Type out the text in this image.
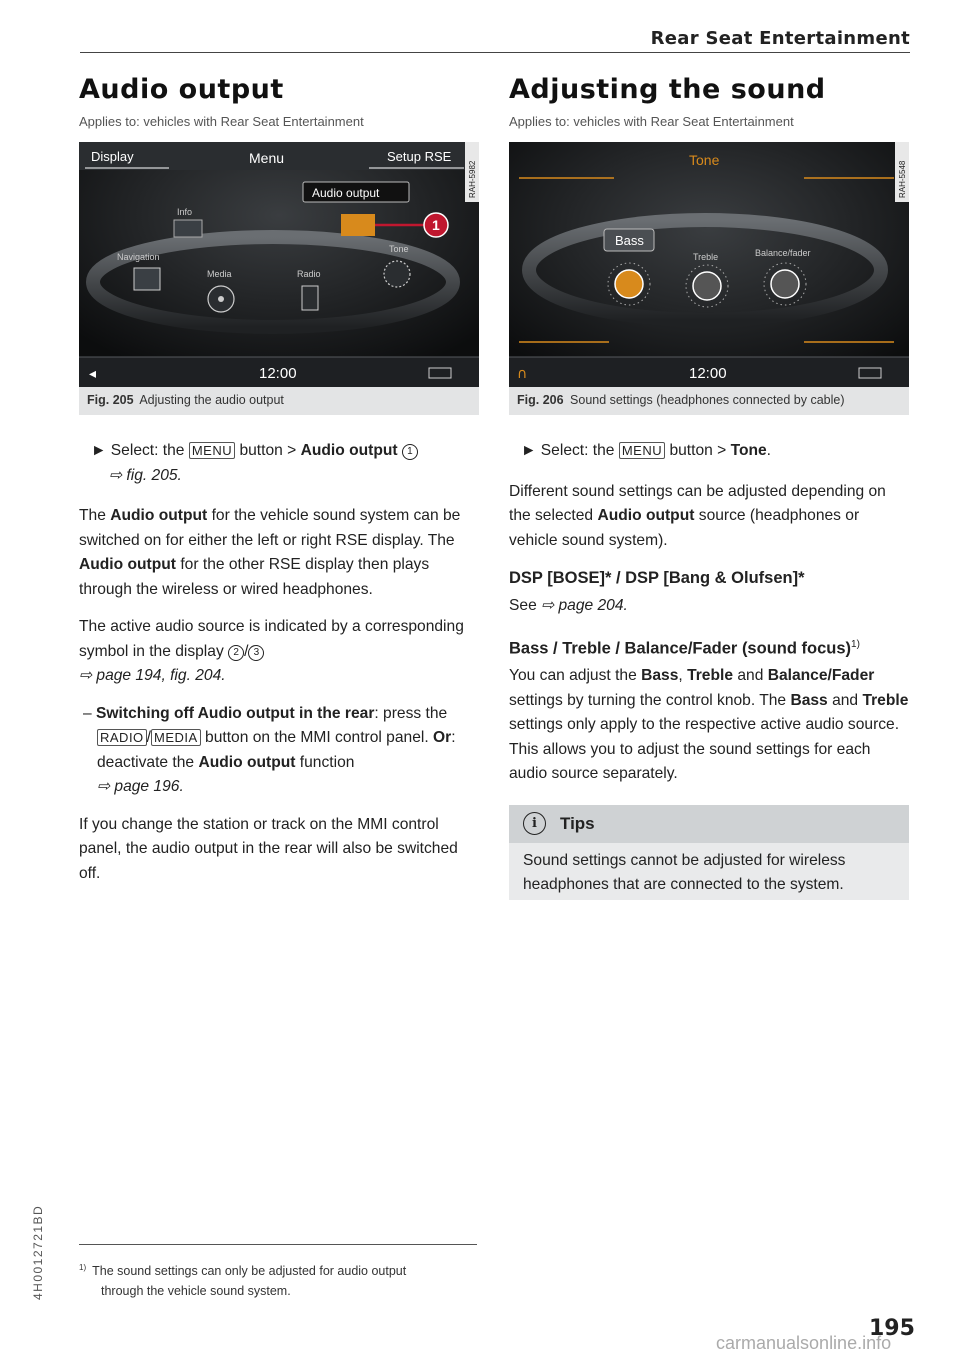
Rear Seat Entertainment
Audio output
Applies to: vehicles with Rear Seat Entertainment
Display	Menu	Setup RSE
RAH-5982
Audio output
Info
1
Navigation
Media	Radio
Tone
◂	12:00
Fig. 205 Adjusting the audio output

► Select: the MENU button > Audio output 1
⇨ fig. 205.

The Audio output for the vehicle sound system can be switched on for either the left or right RSE display. The Audio output for the other RSE display then plays through the wireless or wired headphones.

The active audio source is indicated by a corresponding symbol in the display 2 / 3
⇨ page 194, fig. 204.

– Switching off Audio output in the rear: press the RADIO / MEDIA button on the MMI control panel. Or: deactivate the Audio output function
⇨ page 196.

If you change the station or track on the MMI control panel, the audio output in the rear will also be switched off.

Adjusting the sound
Applies to: vehicles with Rear Seat Entertainment
Tone
RAH-5548
Bass
Treble	Balance/fader
∩	12:00
Fig. 206 Sound settings (headphones connected by cable)

► Select: the MENU button > Tone.

Different sound settings can be adjusted depending on the selected Audio output source (headphones or vehicle sound system).

DSP [BOSE]* / DSP [Bang & Olufsen]*

See ⇨ page 204.

Bass / Treble / Balance/Fader (sound focus)$^{1)}$

You can adjust the Bass, Treble and Balance/Fader settings by turning the control knob. The Bass and Treble settings only apply to the respective active audio source. This allows you to adjust the sound settings for each audio source separately.

i	Tips

Sound settings cannot be adjusted for wireless headphones that are connected to the system.

$^{1)}$ The sound settings can only be adjusted for audio output
through the vehicle sound system.
195
4H0012721BD
carmanualsonline.info
